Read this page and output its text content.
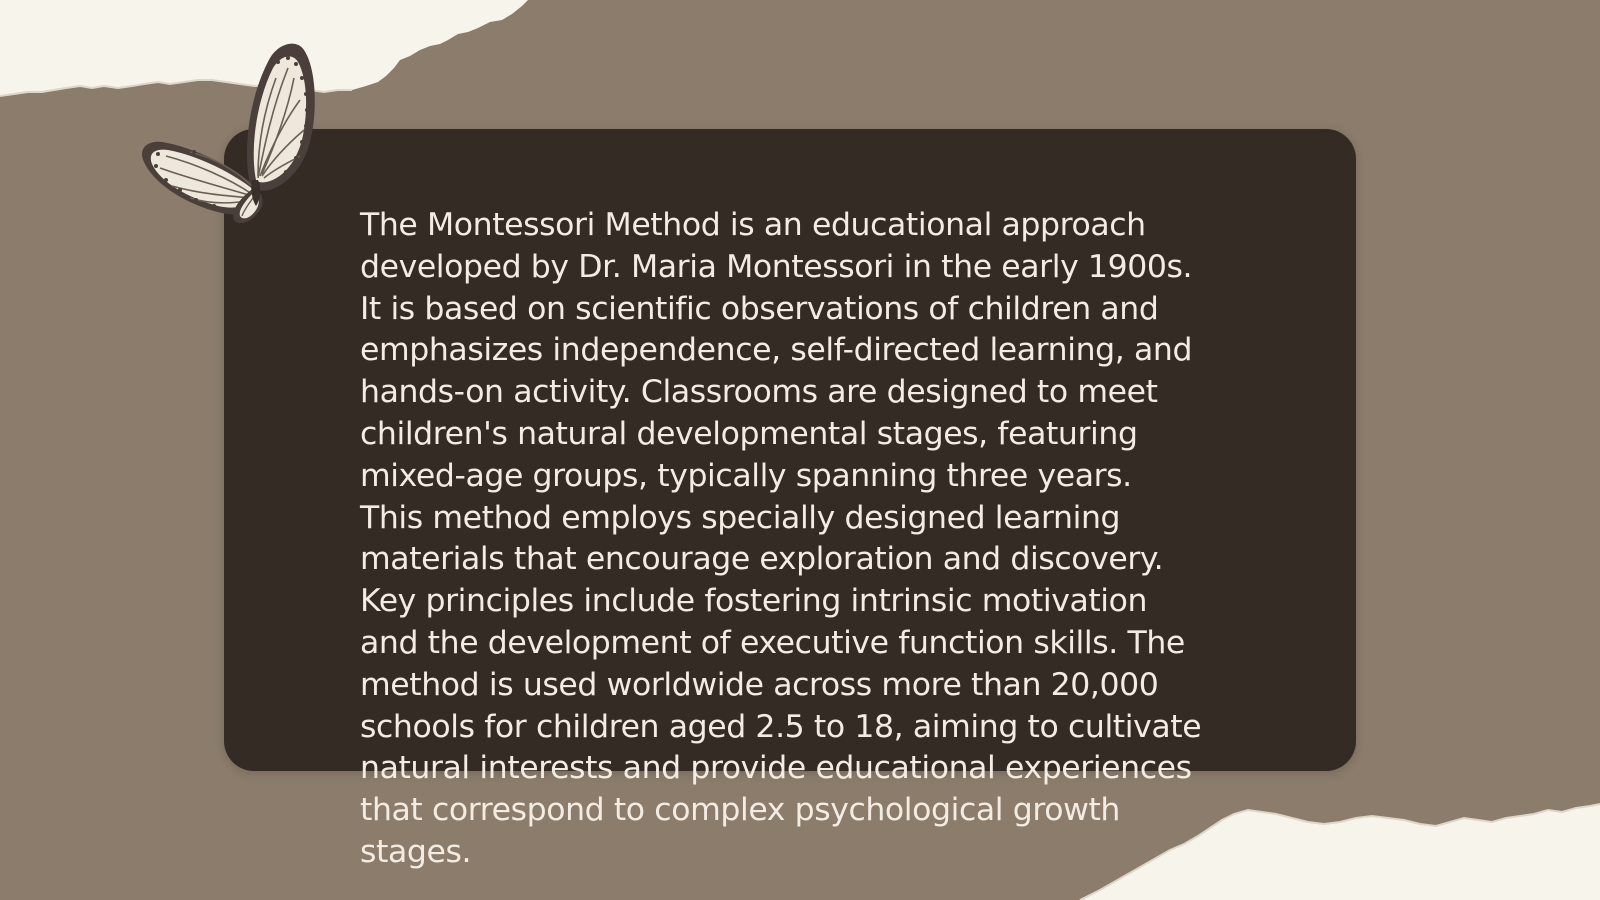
The Montessori Method is an educational approach
developed by Dr. Maria Montessori in the early 1900s.
It is based on scientific observations of children and
emphasizes independence, self-directed learning, and
hands-on activity. Classrooms are designed to meet
children's natural developmental stages, featuring
mixed-age groups, typically spanning three years.
This method employs specially designed learning
materials that encourage exploration and discovery.
Key principles include fostering intrinsic motivation
and the development of executive function skills. The
method is used worldwide across more than 20,000
schools for children aged 2.5 to 18, aiming to cultivate
natural interests and provide educational experiences
that correspond to complex psychological growth
stages.
